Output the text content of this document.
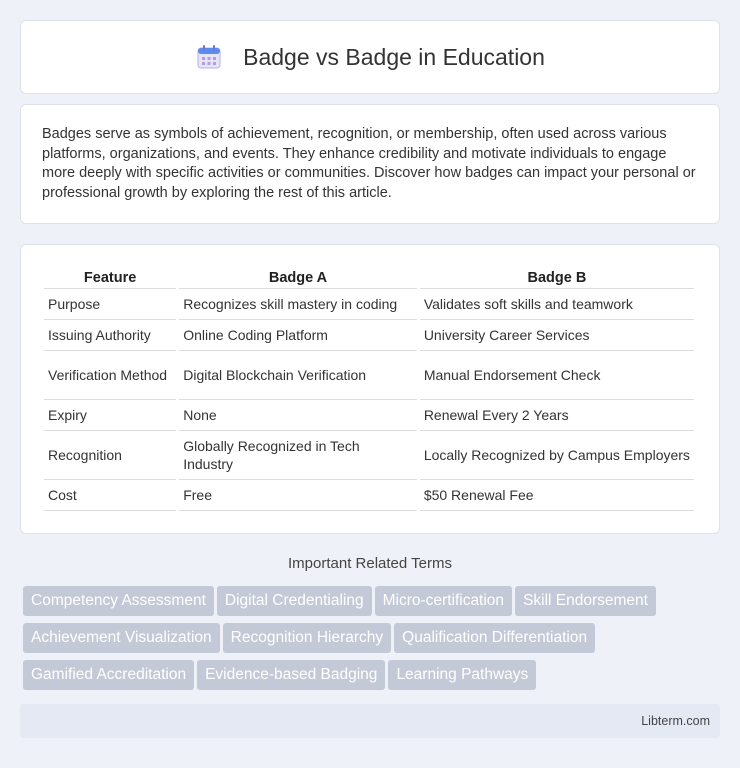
Badge vs Badge in Education

Badges serve as symbols of achievement, recognition, or membership, often used across various platforms, organizations, and events. They enhance credibility and motivate individuals to engage more deeply with specific activities or communities. Discover how badges can impact your personal or professional growth by exploring the rest of this article.

Feature	Badge A	Badge B
Purpose	Recognizes skill mastery in coding	Validates soft skills and teamwork
Issuing Authority	Online Coding Platform	University Career Services
Verification Method	Digital Blockchain Verification	Manual Endorsement Check
Expiry	None	Renewal Every 2 Years
Recognition	Globally Recognized in Tech Industry	Locally Recognized by Campus Employers
Cost	Free	$50 Renewal Fee
Important Related Terms
Competency Assessment Digital Credentialing Micro-certification Skill Endorsement
Achievement Visualization Recognition Hierarchy Qualification Differentiation
Gamified Accreditation Evidence-based Badging Learning Pathways
Libterm.com
